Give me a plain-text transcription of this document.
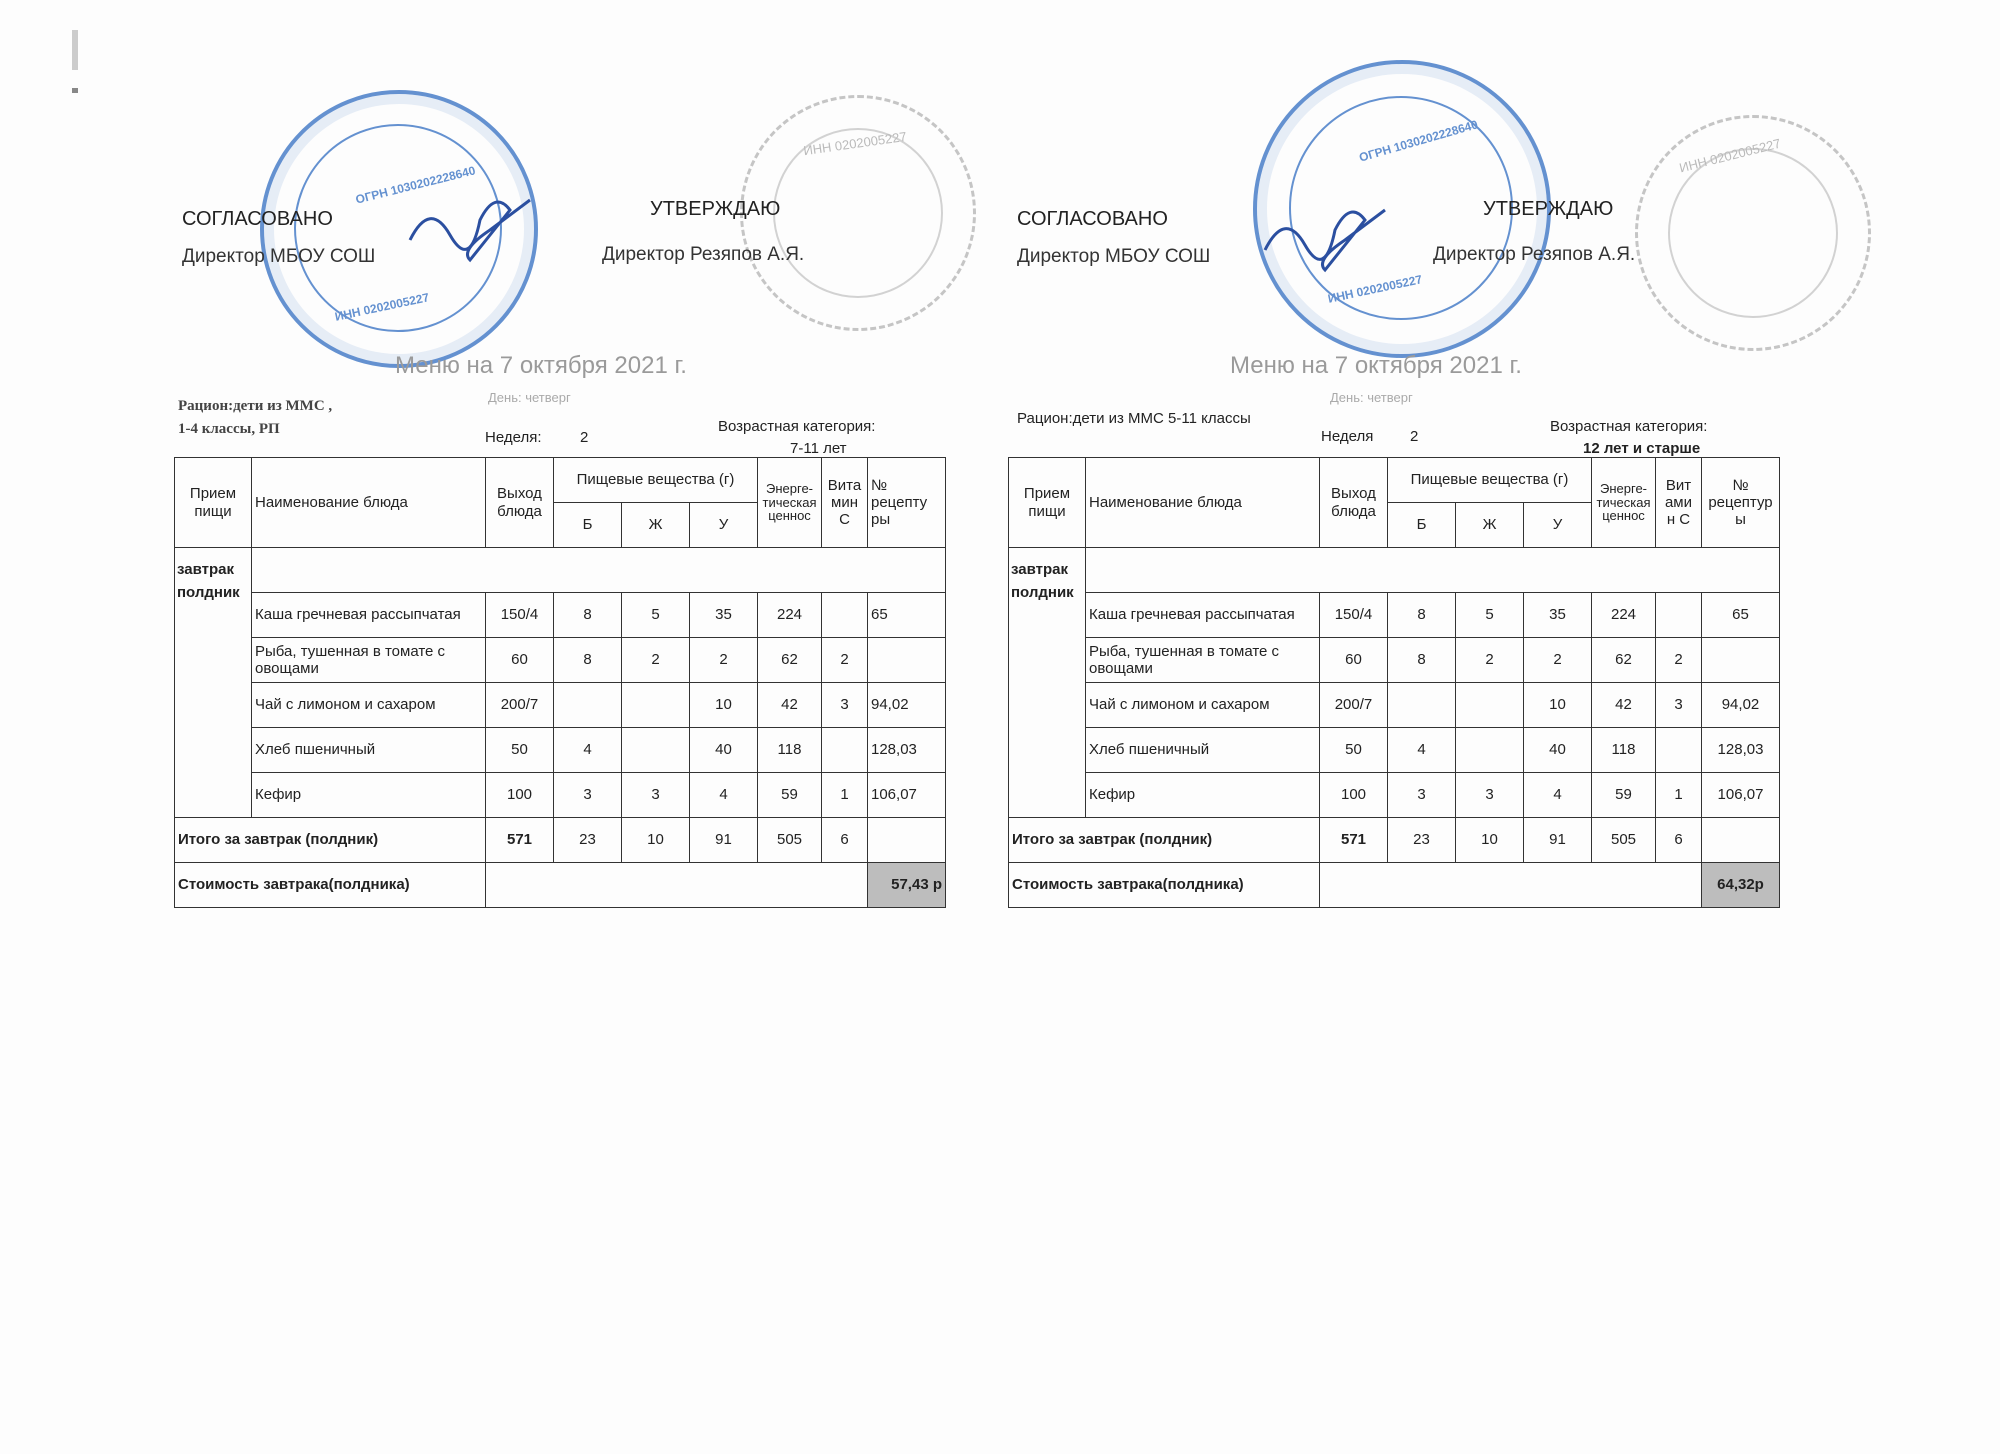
ОГРН 1030202228640
ИНН 0202005227
ИНН 0202005227
СОГЛАСОВАНО
Директор МБОУ СОШ
УТВЕРЖДАЮ
Директор Резяпов А.Я.
Меню на 7 октября 2021 г.
День: четверг
Рацион:дети из ММС ,
1-4 классы, РП	Неделя:	2
Возрастная категория:
7-11 лет
Прием пищи	Наименование блюда	Выход блюда	Пищевые вещества (г)			Энерге-тическая ценнос	Вита мин С	№ рецепту ры
			Б	Ж	У			

завтрак
полдник								

	Каша гречневая рассыпчатая	150/4	8	5	35	224		65
	Рыба, тушенная в томате с овощами	60	8	2	2	62	2	
	Чай с лимоном и сахаром	200/7			10	42	3	94,02
	Хлеб пшеничный	50	4		40	118		128,03
	Кефир	100	3	3	4	59	1	106,07
Итого за завтрак (полдник)		571	23	10	91	505	6	
Стоимость завтрака(полдника)								57,43 р
ОГРН 1030202228640
ИНН 0202005227
ИНН 0202005227
СОГЛАСОВАНО
Директор МБОУ СОШ
УТВЕРЖДАЮ
Директор Резяпов А.Я.
Меню на 7 октября 2021 г.
День: четверг
Рацион:дети из ММС 5-11 классы
Неделя 2
Возрастная категория:
12 лет и старше
Прием пищи	Наименование блюда	Выход блюда	Пищевые вещества (г)			Энерге-тическая ценнос	Вит ами н С	№ рецептур ы
			Б	Ж	У			

завтрак
полдник								

	Каша гречневая рассыпчатая	150/4	8	5	35	224		65
	Рыба, тушенная в томате с овощами	60	8	2	2	62	2	
	Чай с лимоном и сахаром	200/7			10	42	3	94,02
	Хлеб пшеничный	50	4		40	118		128,03
	Кефир	100	3	3	4	59	1	106,07
Итого за завтрак (полдник)		571	23	10	91	505	6	
Стоимость завтрака(полдника)								64,32р
